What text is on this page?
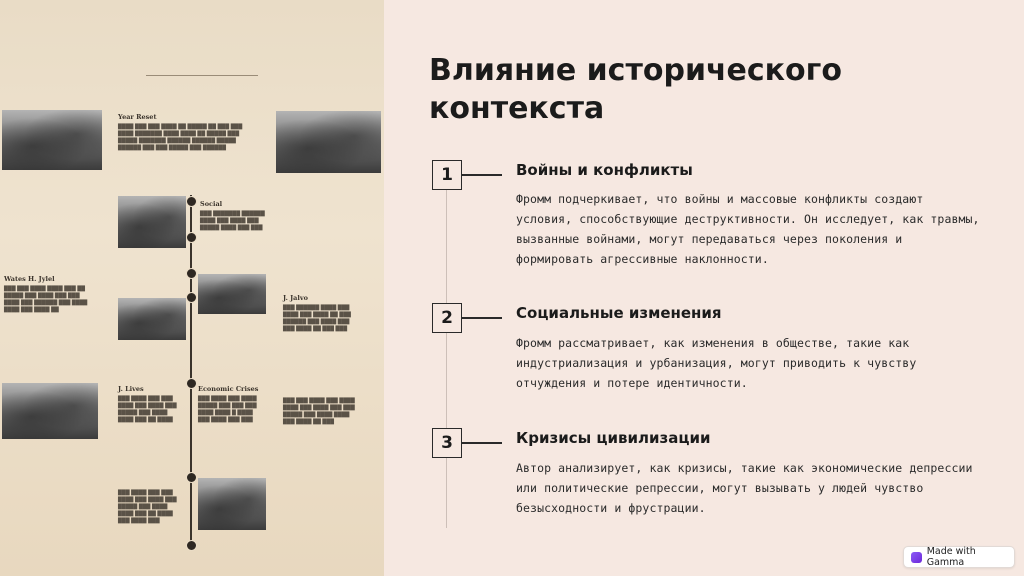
Year Reset
████ ███ ███ ████ ██ █████ ██ ███ ███
████ ███████ ████ ████ ██ █████ ███
█████ ███████ ██████ ██████ █████
██████ ███ ███ █████ ███ ██████
Social
███ ███████ ██████
████ ███ ████ ███
█████ ████ ███ ███
Wates H. Jylel
███ ███ ████ ████ ███ ██
█████ ███ ████ ███ ███
████ ███ ██████ ███ ████
████ ███ ████ ██
J. Jalvo
███ ██████ ████ ███
████ ███ ████ ██ ███
██████ ███ ████ ███
███ ████ ██ ███ ███
J. Lives
███ ████ ███ ███
████ ███ ████ ███
█████ ███ ████
████ ███ ██ ████
Economic Crises
███ ████ ███ ████
█████ ███ ███ ███
████ ████ █ ████
███ ████ ███ ███
███ ███ ████ ███ ████
████ ███ ████ ███ ███
█████ ███ ████ ████
███ ████ ██ ███
███ ████ ███ ███
████ ███ ████ ███
█████ ███ ████
████ ███ ██ ████
███ ████ ███
Влияние исторического контекста
1	Войны и конфликты
Фромм подчеркивает, что войны и массовые конфликты создают условия, способствующие деструктивности. Он исследует, как травмы, вызванные войнами, могут передаваться через поколения и формировать агрессивные наклонности.
2	Социальные изменения
Фромм рассматривает, как изменения в обществе, такие как индустриализация и урбанизация, могут приводить к чувству отчуждения и потере идентичности.
3	Кризисы цивилизации
Автор анализирует, как кризисы, такие как экономические депрессии или политические репрессии, могут вызывать у людей чувство безысходности и фрустрации.
Made with Gamma
